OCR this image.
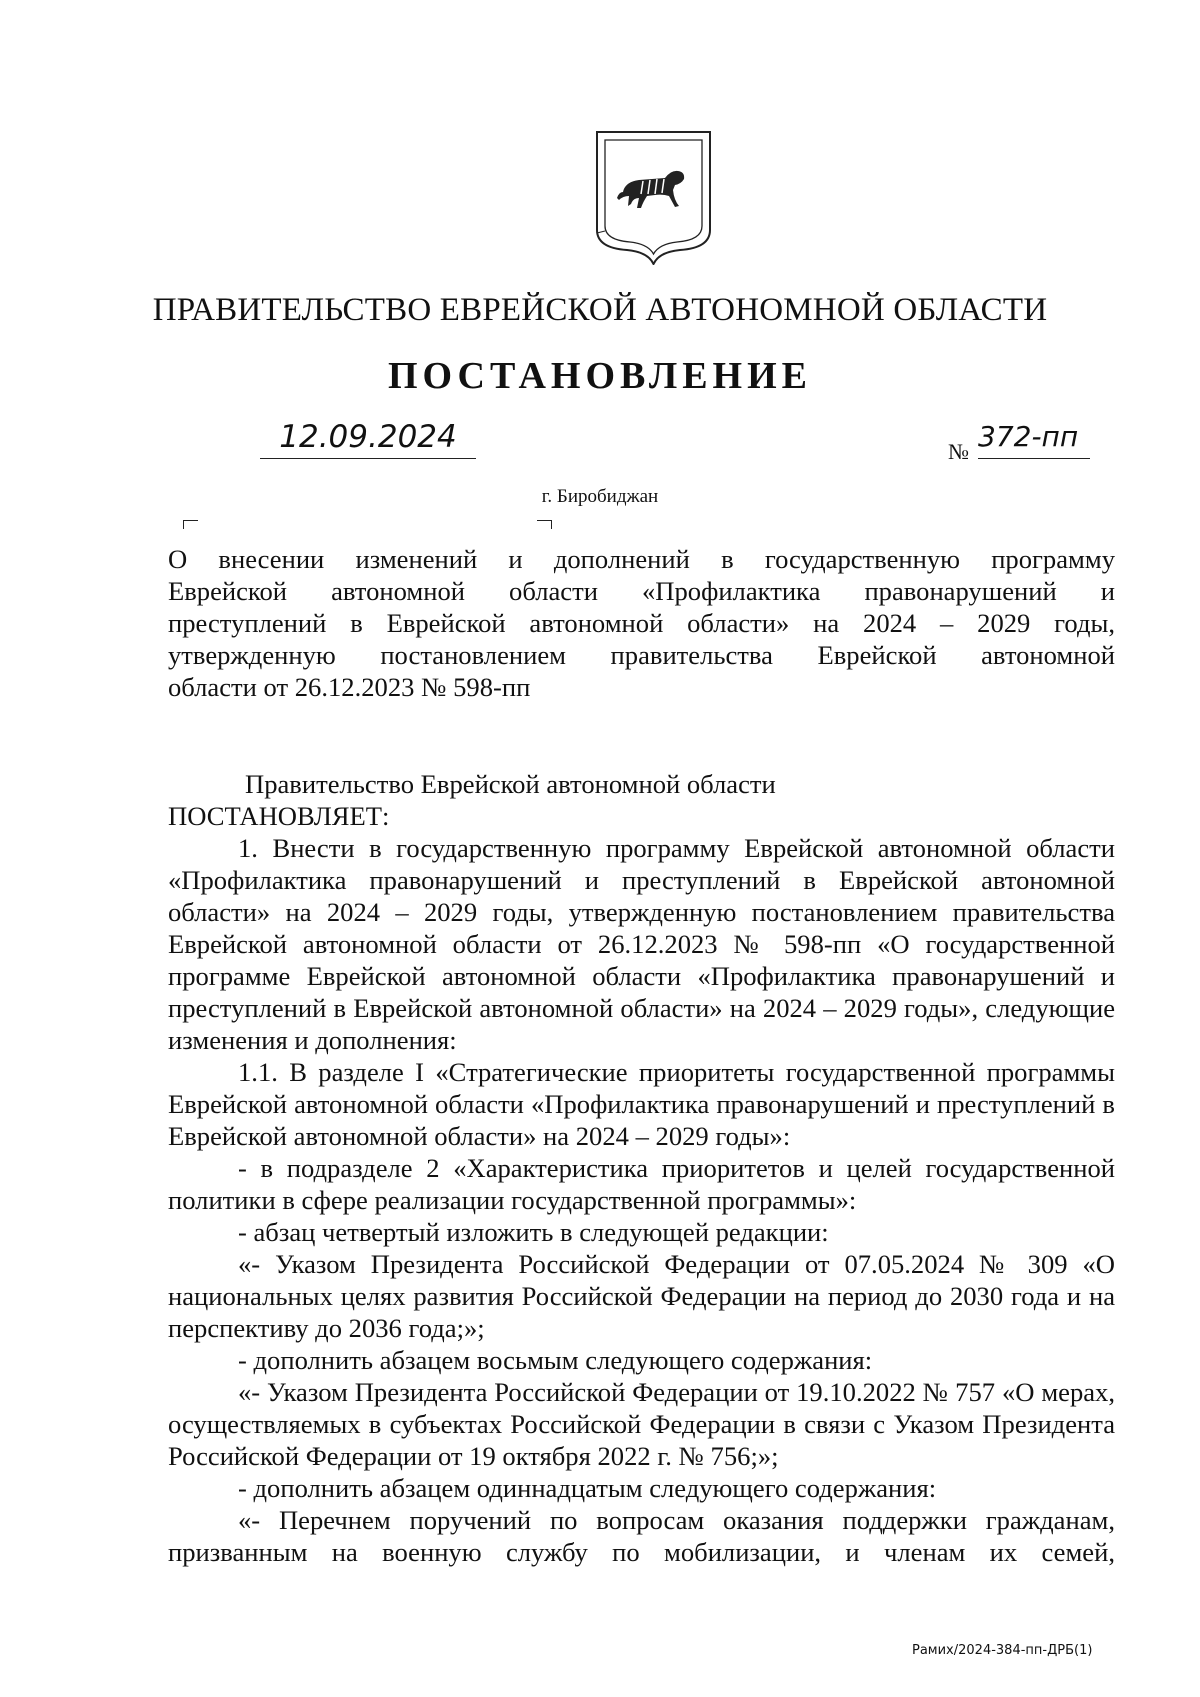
ПРАВИТЕЛЬСТВО ЕВРЕЙСКОЙ АВТОНОМНОЙ ОБЛАСТИ
ПОСТАНОВЛЕНИЕ
12.09.2024	№ 372-пп
г. Биробиджан
О внесении изменений и дополнений в государственную программу
Еврейской автономной области «Профилактика правонарушений и
преступлений в Еврейской автономной области» на 2024 – 2029 годы,
утвержденную постановлением правительства Еврейской автономной
области от 26.12.2023 № 598-пп

Правительство Еврейской автономной области

ПОСТАНОВЛЯЕТ:

1. Внести в государственную программу Еврейской автономной области «Профилактика правонарушений и преступлений в Еврейской автономной области» на 2024 – 2029 годы, утвержденную постановлением правительства Еврейской автономной области от 26.12.2023 № 598-пп «О государственной программе Еврейской автономной области «Профилактика правонарушений и преступлений в Еврейской автономной области» на 2024 – 2029 годы», следующие изменения и дополнения:

1.1. В разделе I «Стратегические приоритеты государственной программы Еврейской автономной области «Профилактика правонарушений и преступлений в Еврейской автономной области» на 2024 – 2029 годы»:

- в подразделе 2 «Характеристика приоритетов и целей государственной политики в сфере реализации государственной программы»:

- абзац четвертый изложить в следующей редакции:

«- Указом Президента Российской Федерации от 07.05.2024 № 309 «О национальных целях развития Российской Федерации на период до 2030 года и на перспективу до 2036 года;»;

- дополнить абзацем восьмым следующего содержания:

«- Указом Президента Российской Федерации от 19.10.2022 № 757 «О мерах, осуществляемых в субъектах Российской Федерации в связи с Указом Президента Российской Федерации от 19 октября 2022 г. № 756;»;

- дополнить абзацем одиннадцатым следующего содержания:

«- Перечнем поручений по вопросам оказания поддержки гражданам, призванным на военную службу по мобилизации, и членам их семей,

Рамих/2024-384-пп-ДРБ(1)
